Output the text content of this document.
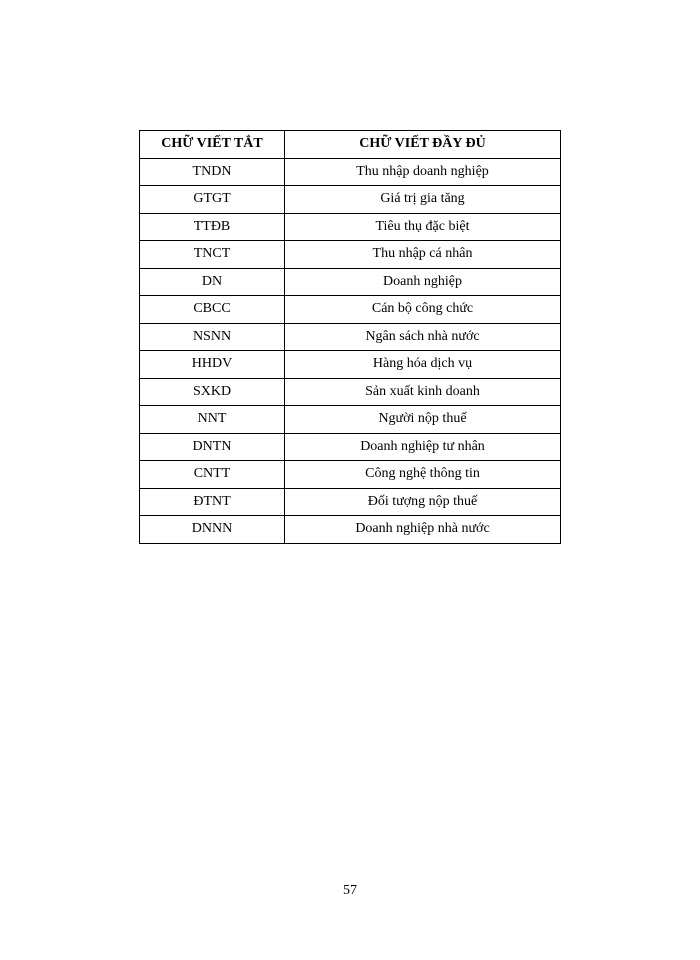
CHỮ VIẾT TẮT	CHỮ VIẾT ĐẦY ĐỦ
TNDN	Thu nhập doanh nghiệp
GTGT	Giá trị gia tăng
TTĐB	Tiêu thụ đặc biệt
TNCT	Thu nhập cá nhân
DN	Doanh nghiệp
CBCC	Cán bộ công chức
NSNN	Ngân sách nhà nước
HHDV	Hàng hóa dịch vụ
SXKD	Sản xuất kinh doanh
NNT	Người nộp thuế
DNTN	Doanh nghiệp tư nhân
CNTT	Công nghệ thông tin
ĐTNT	Đối tượng nộp thuế
DNNN	Doanh nghiệp nhà nước
57
